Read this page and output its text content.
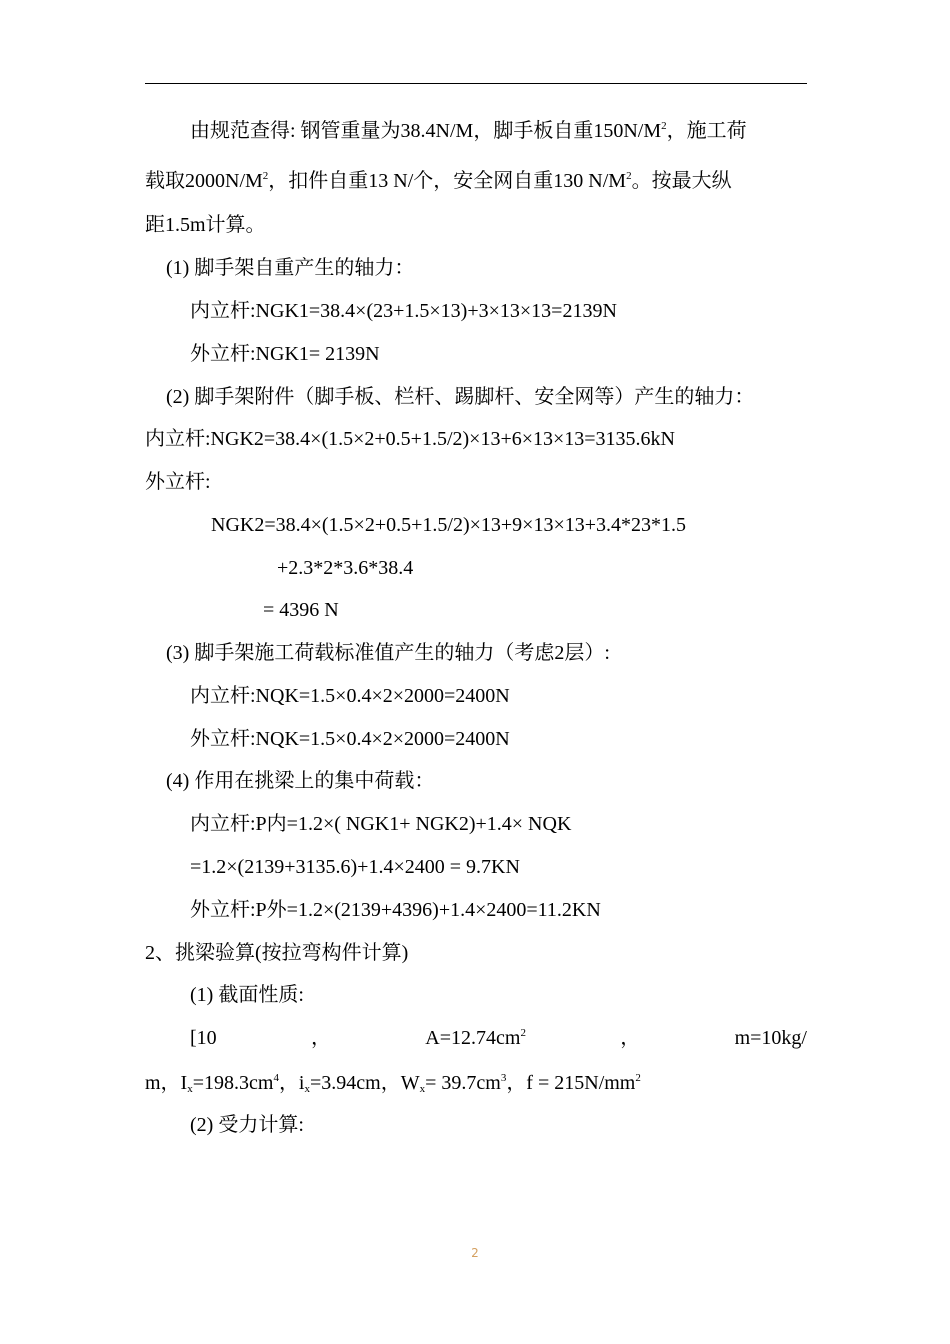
由规范查得: 钢管重量为38.4N/M，脚手板自重$150N/M^2$，施工荷
载取$2000N/M^2$，扣件自重13 N/个，安全网自重130 $N/M^2$。按最大纵
距1.5m计算。
(1) 脚手架自重产生的轴力：
内立杆:NGK1=38.4×(23+1.5×13)+3×13×13=2139N
外立杆:NGK1= 2139N
(2) 脚手架附件（脚手板、栏杆、踢脚杆、安全网等）产生的轴力：
内立杆:NGK2=38.4×(1.5×2+0.5+1.5/2)×13+6×13×13=3135.6kN
外立杆:
NGK2=38.4×(1.5×2+0.5+1.5/2)×13+9×13×13+3.4*23*1.5
+2.3*2*3.6*38.4
= 4396 N
(3) 脚手架施工荷载标准值产生的轴力（考虑2层）:
内立杆:NQK=1.5×0.4×2×2000=2400N
外立杆:NQK=1.5×0.4×2×2000=2400N
(4) 作用在挑梁上的集中荷载：
内立杆:P内=1.2×( NGK1+ NGK2)+1.4× NQK
=1.2×(2139+3135.6)+1.4×2400 = 9.7KN
外立杆:P外=1.2×(2139+4396)+1.4×2400=11.2KN
2、挑梁验算(按拉弯构件计算)
(1) 截面性质:
[10	，	$A=12.74cm^2$	，	m=10kg/
m，$I_x=198.3cm^4$，$i_x=3.94cm$，$W_x= 39.7cm^3$，$f = 215N/mm^2$
(2) 受力计算:
2
